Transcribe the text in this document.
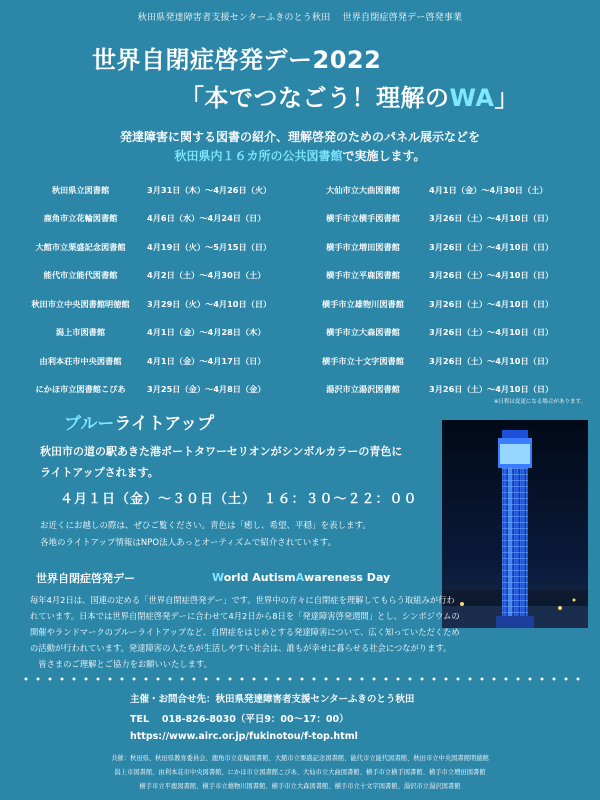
秋田県発達障害者支援センターふきのとう秋田　 世界自閉症啓発デー啓発事業
世界自閉症啓発デー2022
「本でつなごう！理解のWA」
発達障害に関する図書の紹介、理解啓発のためのパネル展示などを
秋田県内１６カ所の公共図書館で実施します。
秋田県立図書館	3月31日（木）～4月26日（火）	大仙市立大曲図書館	4月1日（金）～4月30日（土）
鹿角市立花輪図書館	4月6日（水）～4月24日（日）	横手市立横手図書館	3月26日（土）～4月10日（日）
大館市立栗盛記念図書館	4月19日（火）～5月15日（日）	横手市立増田図書館	3月26日（土）～4月10日（日）
能代市立能代図書館	4月2日（土）～4月30日（土）	横手市立平鹿図書館	3月26日（土）～4月10日（日）
秋田市立中央図書館明徳館	3月29日（火）～4月10日（日）	横手市立雄物川図書館	3月26日（土）～4月10日（日）
潟上市図書館	4月1日（金）～4月28日（木）	横手市立大森図書館	3月26日（土）～4月10日（日）
由利本荘市中央図書館	4月1日（金）～4月17日（日）	横手市立十文字図書館	3月26日（土）～4月10日（日）
にかほ市立図書館こぴあ	3月25日（金）～4月8日（金）	湯沢市立湯沢図書館	3月26日（土）～4月10日（日）
※日程は変更になる場合があります。
ブルーライトアップ
秋田市の道の駅あきた港ポートタワーセリオンがシンボルカラーの青色に
ライトアップされます。
４月１日（金）～３０日（土）　１６：３０～２２：００
お近くにお越しの際は、ぜひご覧ください。青色は「癒し、希望、平穏」を表します。
各地のライトアップ情報はNPO法人あっとオーティズムで紹介されています。
世界自閉症啓発デー	World AutismAwareness Day
毎年4月2日は、国連の定める「世界自閉症啓発デー」です。世界中の方々に自閉症を理解してもらう取組みが行わ
れています。日本では世界自閉症啓発デーに合わせて4月2日から8日を「発達障害啓発週間」とし、シンポジウムの
開催やランドマークのブルーライトアップなど、自閉症をはじめとする発達障害について、広く知っていただくため
の活動が行われています。発達障害の人たちが生活しやすい社会は、誰もが幸せに暮らせる社会につながります。
　皆さまのご理解とご協力をお願いいたします。
主催・お問合せ先：秋田県発達障害者支援センターふきのとう秋田
TEL　 018-826-8030（平日9：00～17：00）
https://www.airc.or.jp/fukinotou/f-top.html
共催：秋田県、秋田県教育委員会、鹿角市立花輪図書館、大館市立栗盛記念図書館、能代市立能代図書館、秋田市立中央図書館明徳館
潟上市図書館、由利本荘市中央図書館、にかほ市立図書館こぴあ、大仙市立大曲図書館、横手市立横手図書館、横手市立増田図書館
横手市立平鹿図書館、横手市立雄物川図書館、横手市立大森図書館、横手市立十文字図書館、湯沢市立湯沢図書館
